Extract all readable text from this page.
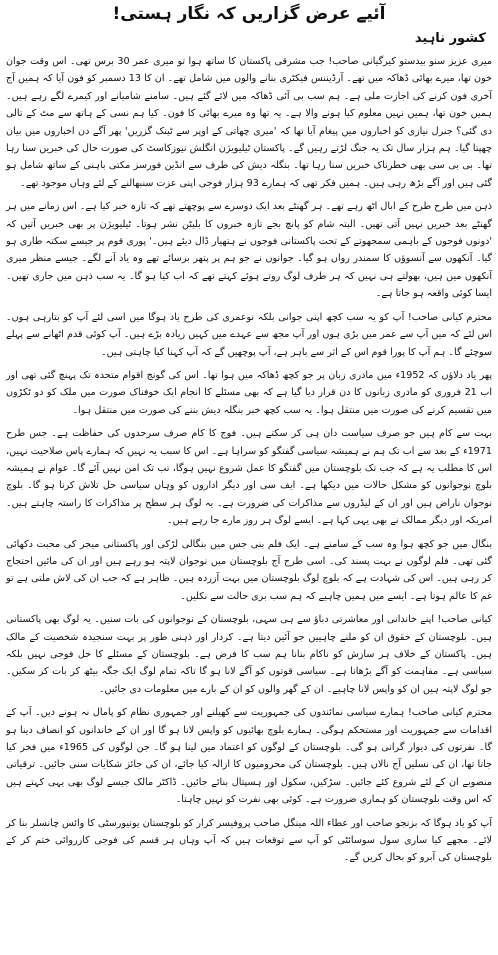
آئیے عرض گزاریں کہ نگار ہستی!
کشور ناہید

میری عزیز سنو بیدستو کیرگیانی صاحب! جب مشرقی پاکستان کا ساتھ ہوا تو میری عمر 30 برس تھی۔ اس وقت جوان خون تھا، میرے بھائی ڈھاکہ میں تھے۔ آرڈیننس فیکٹری بنانے والوں میں شامل تھے۔ ان کا 13 دسمبر کو فون آیا کہ ہمیں آج آخری فون کرنے کی اجازت ملی ہے۔ ہم سب بی آئی ڈھاکہ میں لائے گئے ہیں۔ سامنے شامیانے اور کیمرے لگے رہے ہیں۔ ہمیں خون تھا، ہمیں نہیں معلوم کیا ہونے والا ہے۔ یہ تھا وہ میرے بھائی کا فون۔ کیا ہم نسی کے ہاتھ سے مٹ کے تالی دی گئی؟ جنرل نیازی کو اخباروں میں پیغام آیا تھا کہ 'میری چھاتی کے اوپر سے ٹینک گزریں' پھر آگے دن اخباروں میں بیان چھپتا گیا۔ ہم ہزار سال تک یہ جنگ لڑتے رہیں گے۔ پاکستان ٹیلیویژن انگلش نیوزکاسٹ کی صورت حال کی خبریں سنا رہا تھا۔ بی بی سی بھی خطرناک خبریں سنا رہا تھا۔ بنگلہ دیش کی طرف سے انڈین فورسز مکتی باہنی کے ساتھ شامل ہو گئی ہیں اور آگے بڑھ رہی ہیں۔ ہمیں فکر تھی کہ ہمارے 93 ہزار فوجی اپنی عزت سنبھالنے کے لئے وہاں موجود تھے۔

ذہن میں طرح طرح کے ابال اٹھ رہے تھے۔ ہر گھنٹے بعد ایک دوسرے سے پوچھتے تھے کہ تازہ خبر کیا ہے۔ اس زمانے میں ہر گھنٹے بعد خبریں نہیں آتی تھیں۔ البتہ شام کو پانچ بجے تازہ خبروں کا بلیٹن نشر ہوتا۔ ٹیلیویژن پر بھی خبریں آتیں کہ 'دونوں فوجوں کے باہمی سمجھوتے کے تحت پاکستانی فوجوں نے ہتھیار ڈال دیئے ہیں۔' پوری قوم پر جیسے سکتہ طاری ہو گیا۔ آنکھوں سے آنسوؤں کا سمندر رواں ہو گیا۔ جوانوں نے جو ہم پر پتھر برسائے تھے وہ یاد آنے لگے۔ جیسے منظر میری آنکھوں میں ہیں، بھولتے ہی نہیں کہ ہر طرف لوگ روتے ہوئے کہتے تھے کہ اب کیا ہو گا۔ یہ سب ذہن میں جاری تھیں۔ ایسا کوئی واقعہ ہو جاتا ہے۔

محترم کیانی صاحب! آپ کو یہ سب کچھ اپنی جوانی بلکہ نوعمری کی طرح یاد ہوگا میں اسی لئے آپ کو بتارہی ہوں۔ اس لئے کہ میں آپ سے عمر میں بڑی ہوں اور آپ مجھ سے عہدے میں کہیں زیادہ بڑے ہیں۔ آپ کوئی قدم اٹھانے سے پہلے سوچئے گا۔ ہم آپ کا پورا قوم اس کے اثر سے باہر ہے، آپ پوچھیں گے کہ آپ کہنا کیا چاہتی ہیں۔

پھر یاد دلاؤں کہ 1952ء میں مادری زبان پر جو کچھ ڈھاکہ میں ہوا تھا۔ اس کی گونج اقوام متحدہ تک پہنچ گئی تھی اور اب 21 فروری کو مادری زبانوں کا دن قرار دیا گیا ہے کہ بھی مسئلے کا انجام ایک خوفناک صورت میں ملک کو دو ٹکڑوں میں تقسیم کرنے کی صورت میں منتقل ہوا۔ یہ سب کچھ خبر بنگلہ دیش بننے کی صورت میں منتقل ہوا۔

بہت سے کام ہیں جو صرف سیاست دان ہی کر سکتے ہیں۔ فوج کا کام صرف سرحدوں کی حفاظت ہے۔ جس طرح 1971ء کے بعد سے اب تک ہم نے ہمیشہ سیاسی گفتگو کو سراہا ہے۔ اس کا سبب یہ نہیں کہ ہمارے پاس صلاحیت نہیں، اس کا مطلب یہ ہے کہ جب تک بلوچستان میں گفتگو کا عمل شروع نہیں ہوگا، تب تک امن نہیں آئے گا۔ عوام نے ہمیشہ بلوچ نوجوانوں کو مشکل حالات میں دیکھا ہے۔ ایف سی اور دیگر اداروں کو وہاں سیاسی حل تلاش کرنا ہو گا۔ بلوچ نوجوان ناراض ہیں اور ان کے لیڈروں سے مذاکرات کی ضرورت ہے۔ یہ لوگ ہر سطح پر مذاکرات کا راستہ چاہتے ہیں۔ امریکہ اور دیگر ممالک نے بھی یہی کہا ہے۔ ایسے لوگ ہر روز مارے جا رہے ہیں۔

بنگال میں جو کچھ ہوا وہ سب کے سامنے ہے۔ ایک فلم بنی جس میں بنگالی لڑکی اور پاکستانی میجر کی محبت دکھائی گئی تھی۔ فلم لوگوں نے بہت پسند کی۔ اسی طرح آج بلوچستان میں نوجوان لاپتہ ہو رہے ہیں اور ان کی مائیں احتجاج کر رہی ہیں۔ اس کی شہادت ہے کہ بلوچ لوگ بلوچستان میں بہت آزردہ ہیں۔ ظاہر ہے کہ جب ان کی لاش ملتی ہے تو غم کا عالم ہوتا ہے۔ ایسے میں ہمیں چاہیے کہ ہم سب بری حالت سے نکلیں۔

کیانی صاحب! اپنے خاندانی اور معاشرتی دباؤ سے ہی سہی، بلوچستان کے نوجوانوں کی بات سنیں۔ یہ لوگ بھی پاکستانی ہیں۔ بلوچستان کے حقوق ان کو ملنے چاہییں جو آئین دیتا ہے۔ کردار اور ذہنی طور پر بہت سنجیدہ شخصیت کے مالک ہیں۔ پاکستان کے خلاف ہر سازش کو ناکام بنانا ہم سب کا فرض ہے۔ بلوچستان کے مسئلے کا حل فوجی نہیں بلکہ سیاسی ہے۔ مفاہمت کو آگے بڑھانا ہے۔ سیاسی قوتوں کو آگے لانا ہو گا تاکہ تمام لوگ ایک جگہ بیٹھ کر بات کر سکیں۔ جو لوگ لاپتہ ہیں ان کو واپس لانا چاہیے۔ ان کے گھر والوں کو ان کے بارے میں معلومات دی جائیں۔

محترم کیانی صاحب! ہمارے سیاسی نمائندوں کی جمہوریت سے کھیلنے اور جمہوری نظام کو پامال نہ ہونے دیں۔ آپ کے اقدامات سے جمہوریت اور مستحکم ہوگی۔ ہمارے بلوچ بھائیوں کو واپس لانا ہو گا اور ان کے خاندانوں کو انصاف دینا ہو گا۔ نفرتوں کی دیوار گرانی ہو گی۔ بلوچستان کے لوگوں کو اعتماد میں لینا ہو گا۔ جن لوگوں کی 1965ء میں فخر کیا جاتا تھا، ان کی نسلیں آج نالاں ہیں۔ بلوچستان کی محرومیوں کا ازالہ کیا جائے، ان کی جائز شکایات سنی جائیں۔ ترقیاتی منصوبے ان کے لئے شروع کئے جائیں۔ سڑکیں، سکول اور ہسپتال بنائے جائیں۔ ڈاکٹر مالک جیسے لوگ بھی یہی کہتے ہیں کہ اس وقت بلوچستان کو ہماری ضرورت ہے۔ کوئی بھی نفرت کو نہیں چاہتا۔

آپ کو یاد ہوگا کہ بزنجو صاحب اور عطاء اللہ مینگل صاحب پروفیسر کرار کو بلوچستان یونیورسٹی کا وائس چانسلر بنا کر لائے۔ مجھے کیا ساری سول سوسائٹی کو آپ سے توقعات ہیں کہ آپ وہاں ہر قسم کی فوجی کارروائی ختم کر کے بلوچستان کی آبرو کو بحال کریں گے۔
